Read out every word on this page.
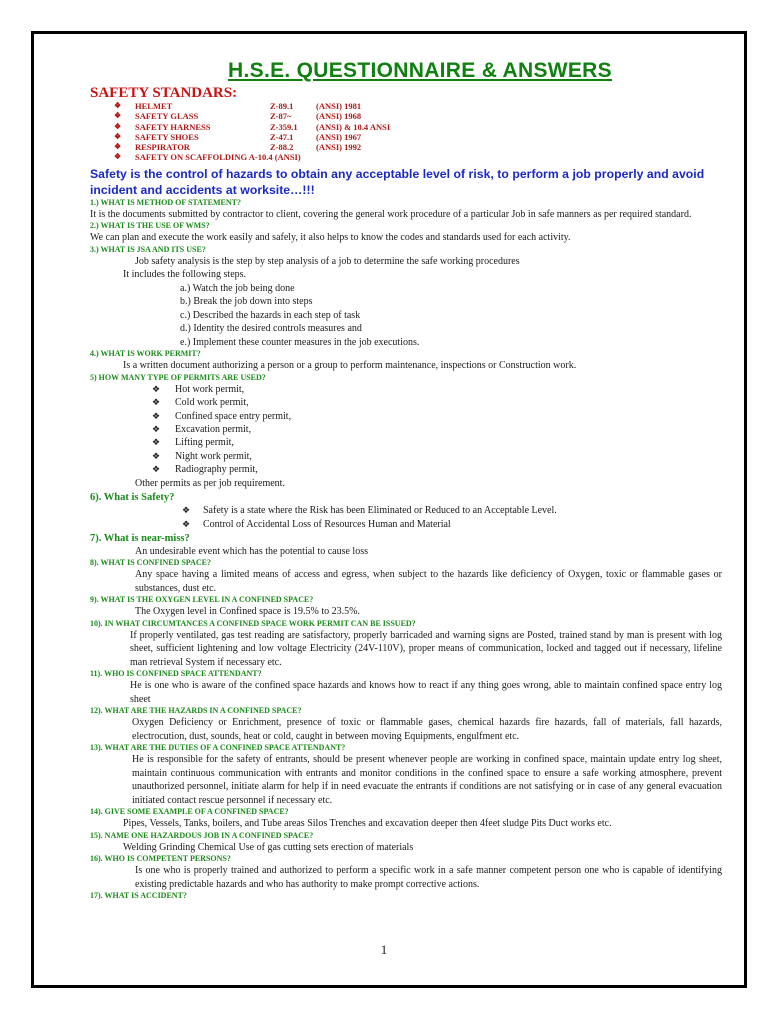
H.S.E. QUESTIONNAIRE & ANSWERS
SAFETY STANDARS:
❖ HELMET	Z-89.1	(ANSI) 1981
❖ SAFETY GLASS	Z-87~	(ANSI) 1968
❖ SAFETY HARNESS	Z-359.1 (ANSI) & 10.4 ANSI
❖ SAFETY SHOES	Z-47.1	(ANSI) 1967
❖ RESPIRATOR	Z-88.2	(ANSI) 1992
❖ SAFETY ON SCAFFOLDING A-10.4 (ANSI)
Safety is the control of hazards to obtain any acceptable level of risk, to perform a job properly and avoid incident and accidents at worksite…!!!
1.) WHAT IS METHOD OF STATEMENT?
It is the documents submitted by contractor to client, covering the general work procedure of a particular Job in safe manners as per required standard.
2.) WHAT IS THE USE OF WMS?
We can plan and execute the work easily and safely, it also helps to know the codes and standards used for each activity.
3.) WHAT IS JSA AND ITS USE?
Job safety analysis is the step by step analysis of a job to determine the safe working procedures
It includes the following steps.
a.) Watch the job being done
b.) Break the job down into steps
c.) Described the hazards in each step of task
d.) Identity the desired controls measures and
e.) Implement these counter measures in the job executions.
4.) WHAT IS WORK PERMIT?
Is a written document authorizing a person or a group to perform maintenance, inspections or Construction work.
5) HOW MANY TYPE OF PERMITS ARE USED?
❖ Hot work permit,
❖ Cold work permit,
❖ Confined space entry permit,
❖ Excavation permit,
❖ Lifting permit,
❖ Night work permit,
❖ Radiography permit,
Other permits as per job requirement.
6). What is Safety?
❖ Safety is a state where the Risk has been Eliminated or Reduced to an Acceptable Level.
❖ Control of Accidental Loss of Resources Human and Material
7). What is near-miss?
An undesirable event which has the potential to cause loss
8). WHAT IS CONFINED SPACE?
Any space having a limited means of access and egress, when subject to the hazards like deficiency of Oxygen, toxic or flammable gases or substances, dust etc.
9). WHAT IS THE OXYGEN LEVEL IN A CONFINED SPACE?
The Oxygen level in Confined space is 19.5% to 23.5%.
10). IN WHAT CIRCUMTANCES A CONFINED SPACE WORK PERMIT CAN BE ISSUED?
If properly ventilated, gas test reading are satisfactory, properly barricaded and warning signs are Posted, trained stand by man is present with log sheet, sufficient lightening and low voltage Electricity (24V-110V), proper means of communication, locked and tagged out if necessary, lifeline man retrieval System if necessary etc.
11). WHO IS CONFINED SPACE ATTENDANT?
He is one who is aware of the confined space hazards and knows how to react if any thing goes wrong, able to maintain confined space entry log sheet
12). WHAT ARE THE HAZARDS IN A CONFINED SPACE?
Oxygen Deficiency or Enrichment, presence of toxic or flammable gases, chemical hazards fire hazards, fall of materials, fall hazards, electrocution, dust, sounds, heat or cold, caught in between moving Equipments, engulfment etc.
13). WHAT ARE THE DUTIES OF A CONFINED SPACE ATTENDANT?
He is responsible for the safety of entrants, should be present whenever people are working in confined space, maintain update entry log sheet, maintain continuous communication with entrants and monitor conditions in the confined space to ensure a safe working atmosphere, prevent unauthorized personnel, initiate alarm for help if in need evacuate the entrants if conditions are not satisfying or in case of any general evacuation initiated contact rescue personnel if necessary etc.
14). GIVE SOME EXAMPLE OF A CONFINED SPACE?
Pipes, Vessels, Tanks, boilers, and Tube areas Silos Trenches and excavation deeper then 4feet sludge Pits Duct works etc.
15). NAME ONE HAZARDOUS JOB IN A CONFINED SPACE?
Welding Grinding Chemical Use of gas cutting sets erection of materials
16). WHO IS COMPETENT PERSONS?
Is one who is properly trained and authorized to perform a specific work in a safe manner competent person one who is capable of identifying existing predictable hazards and who has authority to make prompt corrective actions.
17). WHAT IS ACCIDENT?
1
